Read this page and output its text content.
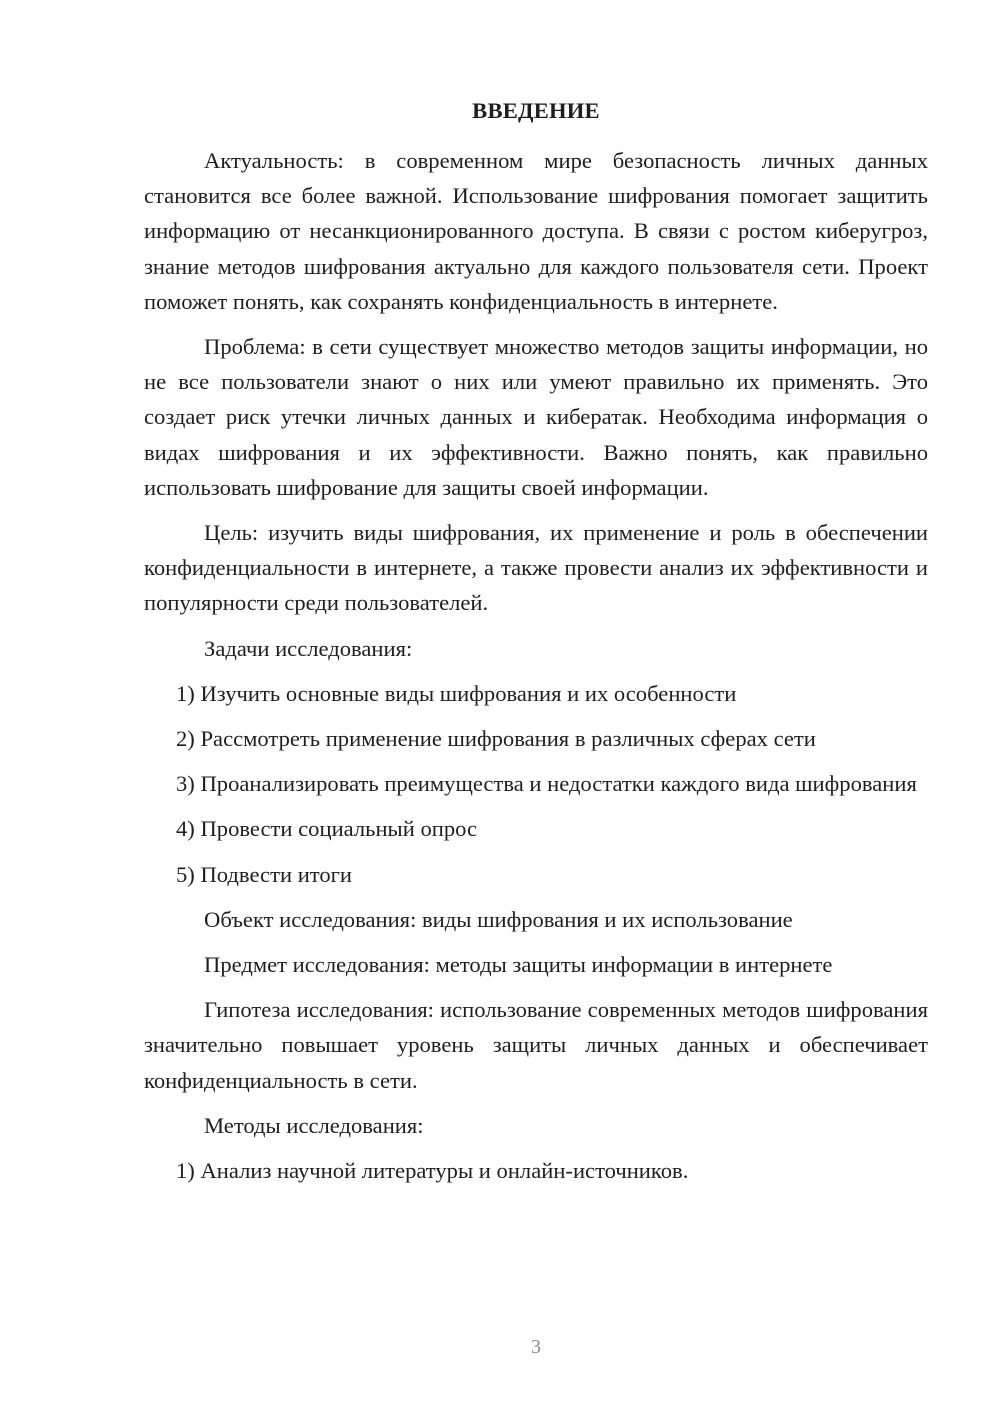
ВВЕДЕНИЕ

Актуальность: в современном мире безопасность личных данных становится все более важной. Использование шифрования помогает защитить информацию от несанкционированного доступа. В связи с ростом киберугроз, знание методов шифрования актуально для каждого пользователя сети. Проект поможет понять, как сохранять конфиденциальность в интернете.

Проблема: в сети существует множество методов защиты информации, но не все пользователи знают о них или умеют правильно их применять. Это создает риск утечки личных данных и кибератак. Необходима информация о видах шифрования и их эффективности. Важно понять, как правильно использовать шифрование для защиты своей информации.

Цель: изучить виды шифрования, их применение и роль в обеспечении конфиденциальности в интернете, а также провести анализ их эффективности и популярности среди пользователей.

Задачи исследования:

1) Изучить основные виды шифрования и их особенности

2) Рассмотреть применение шифрования в различных сферах сети

3) Проанализировать преимущества и недостатки каждого вида шифрования

4) Провести социальный опрос

5) Подвести итоги

Объект исследования: виды шифрования и их использование

Предмет исследования: методы защиты информации в интернете

Гипотеза исследования: использование современных методов шифрования значительно повышает уровень защиты личных данных и обеспечивает конфиденциальность в сети.

Методы исследования:

1) Анализ научной литературы и онлайн-источников.

3
